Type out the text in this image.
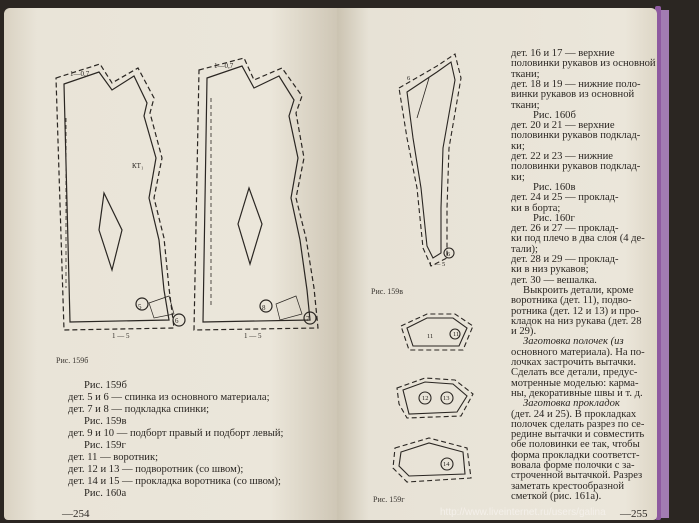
1—0,7
1—0,7
КТ₁
5
6
8
7
1 — 5	1 — 5
Рис. 159б
Рис. 159б
дет. 5 и 6 — спинка из основного материала;
дет. 7 и 8 — подкладка спинки;
Рис. 159в
дет. 9 и 10 — подборт правый и подборт левый;
Рис. 159г
дет. 11 — воротник;
дет. 12 и 13 — подворотник (со швом);
дет. 14 и 15 — прокладка воротника (со швом);
Рис. 160а
—254
6
1 — 5
6
11	11
12 13
14
Рис. 159в
Рис. 159г
дет. 16 и 17 — верхние
половинки рукавов из основной
ткани;
дет. 18 и 19 — нижние поло-
винки рукавов из основной
ткани;
Рис. 160б
дет. 20 и 21 — верхние
половинки рукавов подклад-
ки;
дет. 22 и 23 — нижние
половинки рукавов подклад-
ки;
Рис. 160в
дет. 24 и 25 — проклад-
ки в борта;
Рис. 160г
дет. 26 и 27 — проклад-
ки под плечо в два слоя (4 де-
тали);
дет. 28 и 29 — проклад-
ки в низ рукавов;
дет. 30 — вешалка.
Выкроить детали, кроме
воротника (дет. 11), подво-
ротника (дет. 12 и 13) и про-
кладок на низ рукава (дет. 28
и 29).
Заготовка полочек (из
основного материала). На по-
лочках застрочить вытачки.
Сделать все детали, предус-
мотренные моделью: карма-
ны, декоративные швы и т. д.
Заготовка прокладок
(дет. 24 и 25). В прокладках
полочек сделать разрез по се-
редине вытачки и совместить
обе половинки ее так, чтобы
форма прокладки соответст-
вовала форме полочки с за-
строченной вытачкой. Разрез
заметать крестообразной
сметкой (рис. 161а).
—255
http://www.liveinternet.ru/users/galina
